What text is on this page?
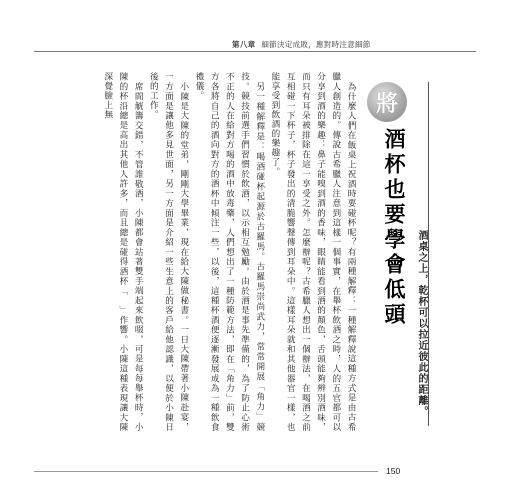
第八章 細節決定成敗，應對時注意細節

為什麼人們在飯桌上祝酒時要碰杯呢？有兩種解釋：一種解釋說這種方式是由古希臘人創造的。傳說古希臘人注意到這樣一個事實，在舉杯飲酒之時，人的五官都可以分享到酒的樂趣：鼻子能嗅到酒的香味，眼睛能看到酒的顏色，舌頭能夠辨別酒味，而只有耳朵被排除在這一享受之外。怎麼辦呢？古希臘人想出一個辦法，在喝酒之前互相碰一下杯子，杯子發出的清脆響聲傳到耳朵中。這樣耳朵就和其他器官一樣，也能享受到飲酒的樂趣了。

另一種解釋是：喝酒碰杯起源於古羅馬。古羅馬崇尚武力，常常開展「角力」競技。競技前選手們習慣於飲酒，以示相互勉勵。由於酒是事先準備的，為了防止心術不正的人在給對方喝的酒中放毒藥，人們想出了一種防範方法，即在「角力」前，雙方各將自己的酒向對方的酒杯中傾注一些，以後，這種杯酒便逐漸發展成為一種飲食禮儀。

小陳是大陳的堂弟，剛剛大學畢業，現在給大陳做秘書。一日大陳帶著小陳赴宴，一方面是讓他多見世面，另一方面是介紹一些生意上的客戶給他認識，以便於小陳日後的工作。

席間觥籌交錯，不管誰敬酒，小陳都會站著雙手端起來飲啜，可是每每舉杯時，小陳的杯沿總是高出其他人許多，而且總是碰得酒杯「　」作響。小陳這種表現讓大陳深覺臉上無	將
酒杯也要學會低頭 酒桌之上，乾杯可以拉近彼此的距離。
150
